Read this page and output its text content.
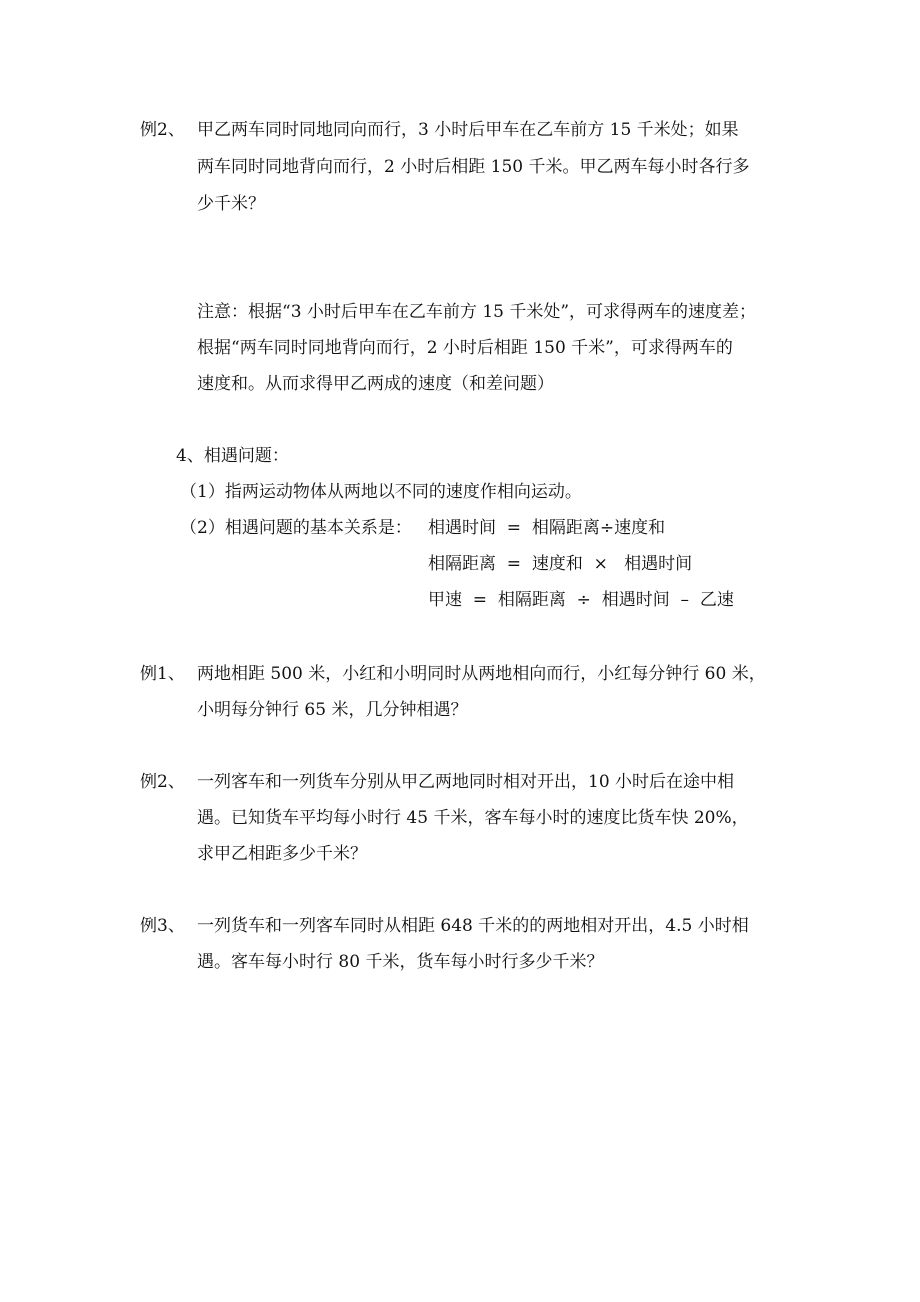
例2、 甲乙两车同时同地同向而行，3 小时后甲车在乙车前方 15 千米处；如果
两车同时同地背向而行，2 小时后相距 150 千米。甲乙两车每小时各行多
少千米？
注意：根据“3 小时后甲车在乙车前方 15 千米处”，可求得两车的速度差；
根据“两车同时同地背向而行，2 小时后相距 150 千米”，可求得两车的
速度和。从而求得甲乙两成的速度（和差问题）
4、相遇问题：
（1）指两运动物体从两地以不同的速度作相向运动。
（2）相遇问题的基本关系是： 相遇时间  =  相隔距离÷速度和
相隔距离  =  速度和  ×   相遇时间
甲速  =  相隔距离  ÷  相遇时间  –  乙速
例1、 两地相距 500 米，小红和小明同时从两地相向而行，小红每分钟行 60 米，
小明每分钟行 65 米，几分钟相遇？
例2、 一列客车和一列货车分别从甲乙两地同时相对开出，10 小时后在途中相
遇。已知货车平均每小时行 45 千米，客车每小时的速度比货车快 20%，
求甲乙相距多少千米？
例3、 一列货车和一列客车同时从相距 648 千米的的两地相对开出，4.5 小时相
遇。客车每小时行 80 千米，货车每小时行多少千米？
